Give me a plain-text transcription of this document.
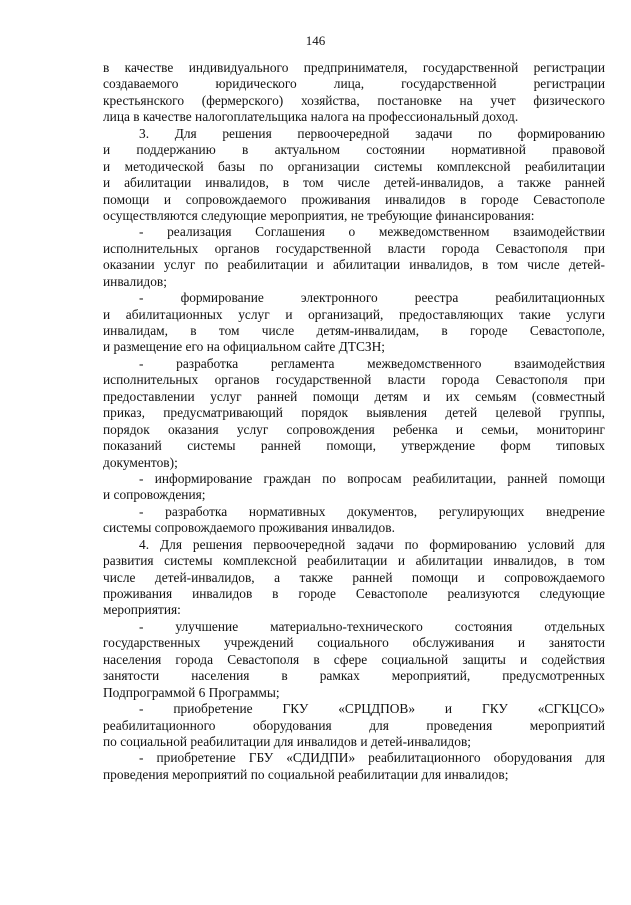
146

в качестве индивидуального предпринимателя, государственной регистрации
создаваемого юридического лица, государственной регистрации
крестьянского (фермерского) хозяйства, постановке на учет физического
лица в качестве налогоплательщика налога на профессиональный доход.

3. Для решения первоочередной задачи по формированию
и поддержанию в актуальном состоянии нормативной правовой
и методической базы по организации системы комплексной реабилитации
и абилитации инвалидов, в том числе детей-инвалидов, а также ранней
помощи и сопровождаемого проживания инвалидов в городе Севастополе
осуществляются следующие мероприятия, не требующие финансирования:

- реализация Соглашения о межведомственном взаимодействии
исполнительных органов государственной власти города Севастополя при
оказании услуг по реабилитации и абилитации инвалидов, в том числе детей-
инвалидов;

- формирование электронного реестра реабилитационных
и абилитационных услуг и организаций, предоставляющих такие услуги
инвалидам, в том числе детям-инвалидам, в городе Севастополе,
и размещение его на официальном сайте ДТСЗН;

- разработка регламента межведомственного взаимодействия
исполнительных органов государственной власти города Севастополя при
предоставлении услуг ранней помощи детям и их семьям (совместный
приказ, предусматривающий порядок выявления детей целевой группы,
порядок оказания услуг сопровождения ребенка и семьи, мониторинг
показаний системы ранней помощи, утверждение форм типовых
документов);

- информирование граждан по вопросам реабилитации, ранней помощи
и сопровождения;

- разработка нормативных документов, регулирующих внедрение
системы сопровождаемого проживания инвалидов.

4. Для решения первоочередной задачи по формированию условий для
развития системы комплексной реабилитации и абилитации инвалидов, в том
числе детей-инвалидов, а также ранней помощи и сопровождаемого
проживания инвалидов в городе Севастополе реализуются следующие
мероприятия:

- улучшение материально-технического состояния отдельных
государственных учреждений социального обслуживания и занятости
населения города Севастополя в сфере социальной защиты и содействия
занятости населения в рамках мероприятий, предусмотренных
Подпрограммой 6 Программы;

- приобретение ГКУ «СРЦДПОВ» и ГКУ «СГКЦСО»
реабилитационного оборудования для проведения мероприятий
по социальной реабилитации для инвалидов и детей-инвалидов;

- приобретение ГБУ «СДИДПИ» реабилитационного оборудования для
проведения мероприятий по социальной реабилитации для инвалидов;
